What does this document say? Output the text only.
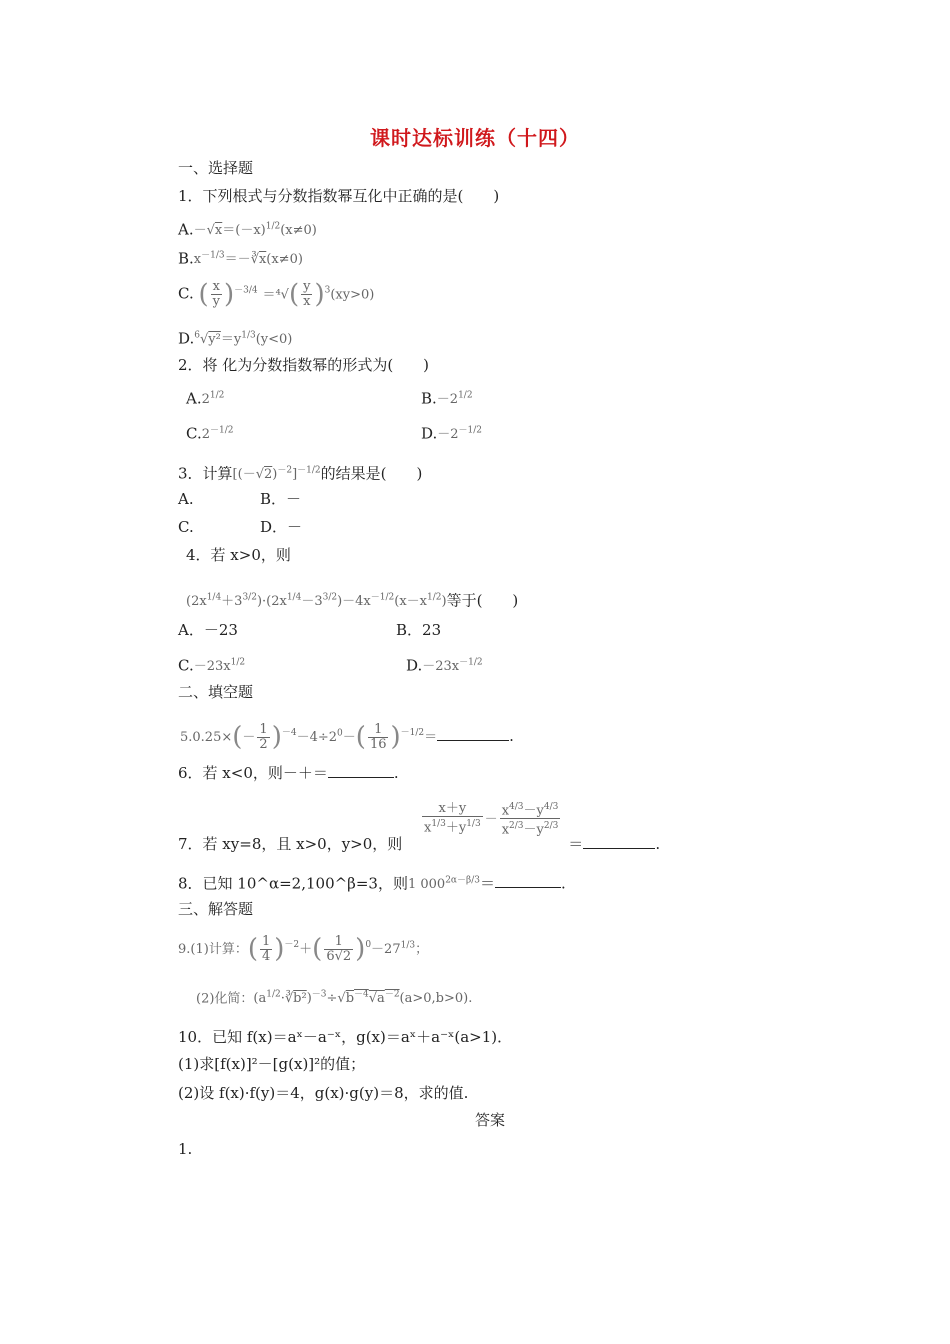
课时达标训练（十四）
一、选择题
1．下列根式与分数指数幂互化中正确的是(　　)
$A.-√x=(-x)^{1/2}(x\ne 0)$
$B.x^{-1/3}=-∛\overline{x}(x\ne 0)$
C. ( $\frac{x}{y} )^{-3/4} =^4√( \frac{y}{x} )^3(xy>0)$
$D.^6√y^2=y^{1/3}(y<0)$
2．将 化为分数指数幂的形式为(　　)
$A.2^{1/2}$	$B.-2^{1/2}$
$C.2^{-1/2}$	$D.-2^{-1/2}$
3．计算$[(-√2)^{-2}]^{-1/2}$的结果是(　　)
A.	B．－
C.	D．－
4．若 x>0，则
$(2x^{1/4}+3^{3/2})\cdot(2x^{1/4}-3^{3/2})-4x^{-1/2}(x-x^{1/2})$等于(　　)
A．－23	B．23
$C.-23x^{1/2}$	$D.-23x^{-1/2}$
二、填空题
$5.0.25\times(- \frac{1}{2} )^{-4}-4\div 2^0-( \frac{1}{16} )^{-1/2}=$	.
6．若 x<0，则－＋＝	.
$\frac{x+y}{x^{1/3}+y^{1/3}} - \frac{x^{4/3}-y^{4/3}}{x^{2/3}-y^{2/3}}$
7．若 xy=8，且 x>0，y>0，则	＝	.
8．已知 10^α=2,100^β=3，则1 $000^{2\alpha-\beta/3}=$	.
三、解答题
9.(1)计算：( $\frac{1}{4} )^{-2}+( \frac{1}{6√2} )^0-27^{1/3}$；
(2)化简：$(a^{1/2}\cdot∛b^2)^{-3}\div√b^{-4}√a^{-2}(a>0,b>0)$.
10．已知 f(x)＝aˣ－a⁻ˣ，g(x)＝aˣ＋a⁻ˣ(a>1)．
(1)求[f(x)]²－[g(x)]²的值；
(2)设 f(x)·f(y)＝4，g(x)·g(y)＝8，求的值.
答案
1.
